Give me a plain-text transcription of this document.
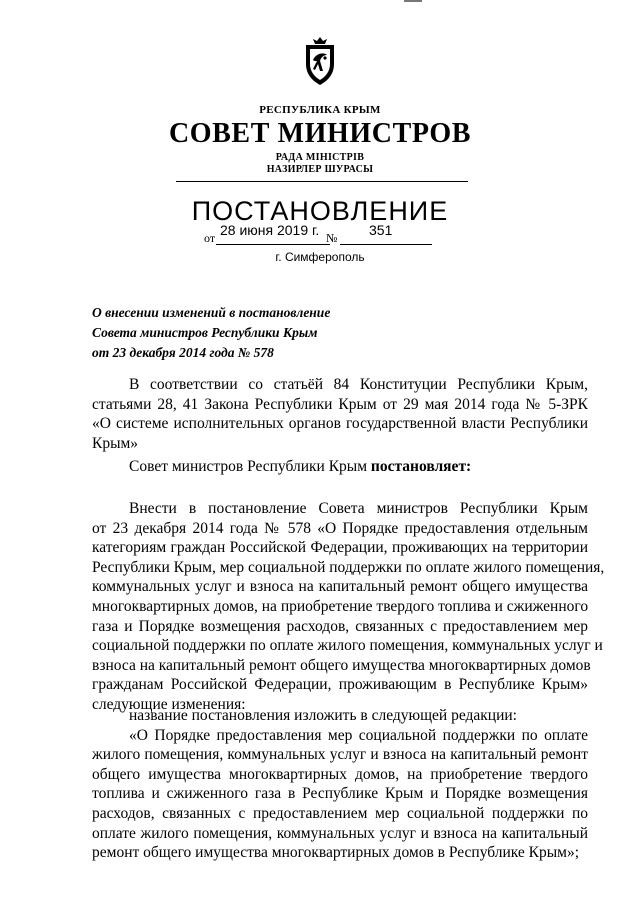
РЕСПУБЛИКА КРЫМ
СОВЕТ МИНИСТРОВ
РАДА МІНІСТРІВ
НАЗИРЛЕР ШУРАСЫ
ПОСТАНОВЛЕНИЕ
от 28 июня 2019 г. № 351
г. Симферополь
О внесении изменений в постановление
Совета министров Республики Крым
от 23 декабря 2014 года № 578
В соответствии со статьёй 84 Конституции Республики Крым,
статьями 28, 41 Закона Республики Крым от 29 мая 2014 года № 5-ЗРК
«О системе исполнительных органов государственной власти Республики
Крым»
Совет министров Республики Крым постановляет:
Внести в постановление Совета министров Республики Крым
от 23 декабря 2014 года № 578 «О Порядке предоставления отдельным
категориям граждан Российской Федерации, проживающих на территории
Республики Крым, мер социальной поддержки по оплате жилого помещения,
коммунальных услуг и взноса на капитальный ремонт общего имущества
многоквартирных домов, на приобретение твердого топлива и сжиженного
газа и Порядке возмещения расходов, связанных с предоставлением мер
социальной поддержки по оплате жилого помещения, коммунальных услуг и
взноса на капитальный ремонт общего имущества многоквартирных домов
гражданам Российской Федерации, проживающим в Республике Крым»
следующие изменения:
название постановления изложить в следующей редакции:
«О Порядке предоставления мер социальной поддержки по оплате
жилого помещения, коммунальных услуг и взноса на капитальный ремонт
общего имущества многоквартирных домов, на приобретение твердого
топлива и сжиженного газа в Республике Крым и Порядке возмещения
расходов, связанных с предоставлением мер социальной поддержки по
оплате жилого помещения, коммунальных услуг и взноса на капитальный
ремонт общего имущества многоквартирных домов в Республике Крым»;
